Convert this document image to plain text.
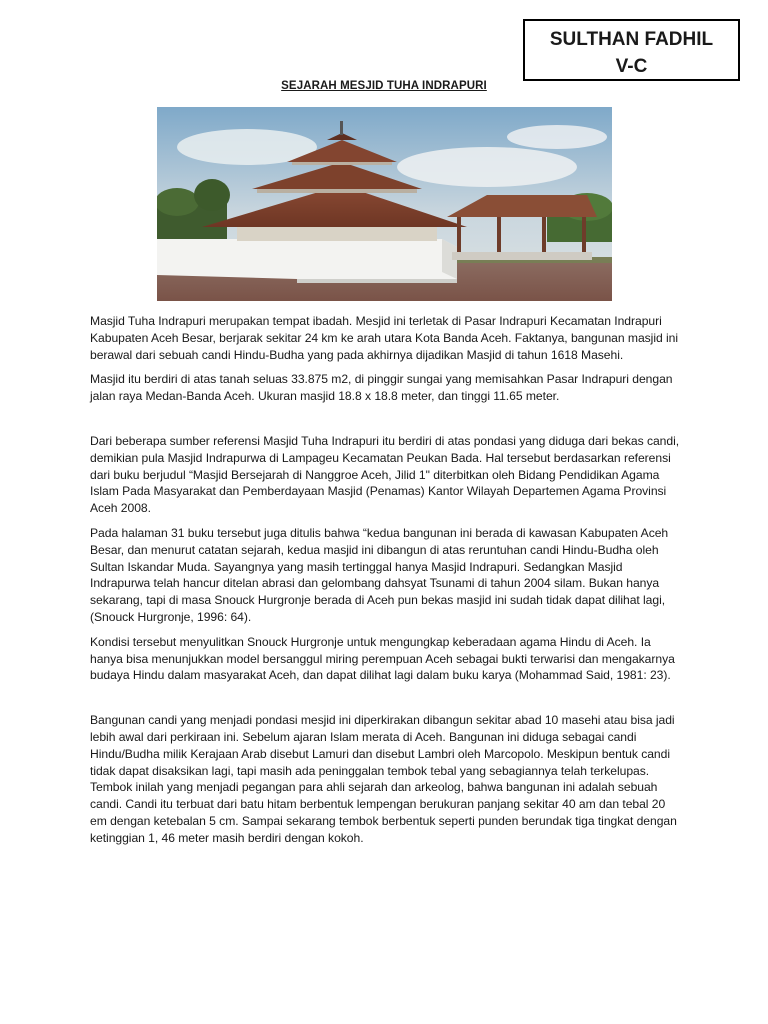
SULTHAN FADHIL
V-C
SEJARAH MESJID TUHA INDRAPURI

Masjid Tuha Indrapuri merupakan tempat ibadah. Mesjid ini terletak di Pasar Indrapuri Kecamatan Indrapuri Kabupaten Aceh Besar, berjarak sekitar 24 km ke arah utara Kota Banda Aceh. Faktanya, bangunan masjid ini berawal dari sebuah candi Hindu-Budha yang pada akhirnya dijadikan Masjid di tahun 1618 Masehi.

Masjid itu berdiri di atas tanah seluas 33.875 m2, di pinggir sungai yang memisahkan Pasar Indrapuri dengan jalan raya Medan-Banda Aceh. Ukuran masjid 18.8 x 18.8 meter, dan tinggi 11.65 meter.

Dari beberapa sumber referensi Masjid Tuha Indrapuri itu berdiri di atas pondasi yang diduga dari bekas candi, demikian pula Masjid Indrapurwa di Lampageu Kecamatan Peukan Bada. Hal tersebut berdasarkan referensi dari buku berjudul “Masjid Bersejarah di Nanggroe Aceh, Jilid 1" diterbitkan oleh Bidang Pendidikan Agama Islam Pada Masyarakat dan Pemberdayaan Masjid (Penamas) Kantor Wilayah Departemen Agama Provinsi Aceh 2008.

Pada halaman 31 buku tersebut juga ditulis bahwa “kedua bangunan ini berada di kawasan Kabupaten Aceh Besar, dan menurut catatan sejarah, kedua masjid ini dibangun di atas reruntuhan candi Hindu-Budha oleh Sultan Iskandar Muda. Sayangnya yang masih tertinggal hanya Masjid Indrapuri. Sedangkan Masjid Indrapurwa telah hancur ditelan abrasi dan gelombang dahsyat Tsunami di tahun 2004 silam. Bukan hanya sekarang, tapi di masa Snouck Hurgronje berada di Aceh pun bekas masjid ini sudah tidak dapat dilihat lagi, (Snouck Hurgronje, 1996: 64).

Kondisi tersebut menyulitkan Snouck Hurgronje untuk mengungkap keberadaan agama Hindu di Aceh. Ia hanya bisa menunjukkan model bersanggul miring perempuan Aceh sebagai bukti terwarisi dan mengakarnya budaya Hindu dalam masyarakat Aceh, dan dapat dilihat lagi dalam buku karya (Mohammad Said, 1981: 23).

Bangunan candi yang menjadi pondasi mesjid ini diperkirakan dibangun sekitar abad 10 masehi atau bisa jadi lebih awal dari perkiraan ini. Sebelum ajaran Islam merata di Aceh. Bangunan ini diduga sebagai candi Hindu/Budha milik Kerajaan Arab disebut Lamuri dan disebut Lambri oleh Marcopolo. Meskipun bentuk candi tidak dapat disaksikan lagi, tapi masih ada peninggalan tembok tebal yang sebagiannya telah terkelupas. Tembok inilah yang menjadi pegangan para ahli sejarah dan arkeolog, bahwa bangunan ini adalah sebuah candi. Candi itu terbuat dari batu hitam berbentuk lempengan berukuran panjang sekitar 40 am dan tebal 20 em dengan ketebalan 5 cm. Sampai sekarang tembok berbentuk seperti punden berundak tiga tingkat dengan ketinggian 1, 46 meter masih berdiri dengan kokoh.
